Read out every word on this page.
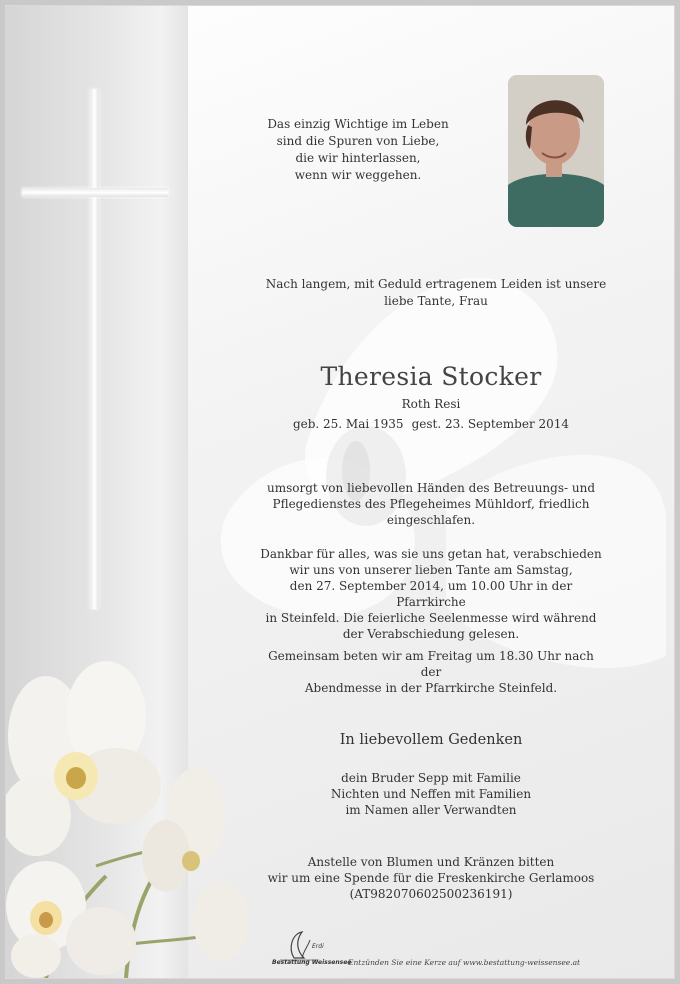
Das einzig Wichtige im Leben
sind die Spuren von Liebe,
die wir hinterlassen,
wenn wir weggehen.
Nach langem, mit Geduld ertragenem Leiden ist unsere
liebe Tante, Frau
Theresia Stocker
Roth Resi
geb. 25. Mai 1935 gest. 23. September 2014
umsorgt von liebevollen Händen des Betreuungs- und
Pflegedienstes des Pflegeheimes Mühldorf, friedlich
eingeschlafen.
Dankbar für alles, was sie uns getan hat, verabschieden
wir uns von unserer lieben Tante am Samstag,
den 27. September 2014, um 10.00 Uhr in der Pfarrkirche
in Steinfeld. Die feierliche Seelenmesse wird während
der Verabschiedung gelesen.
Gemeinsam beten wir am Freitag um 18.30 Uhr nach der
Abendmesse in der Pfarrkirche Steinfeld.
In liebevollem Gedenken
dein Bruder Sepp mit Familie
Nichten und Neffen mit Familien
im Namen aller Verwandten
Anstelle von Blumen und Kränzen bitten
wir um eine Spende für die Freskenkirche Gerlamoos
(AT982070602500236191)
Erdi
Bestattung Weissensee
Entzünden Sie eine Kerze auf www.bestattung-weissensee.at
